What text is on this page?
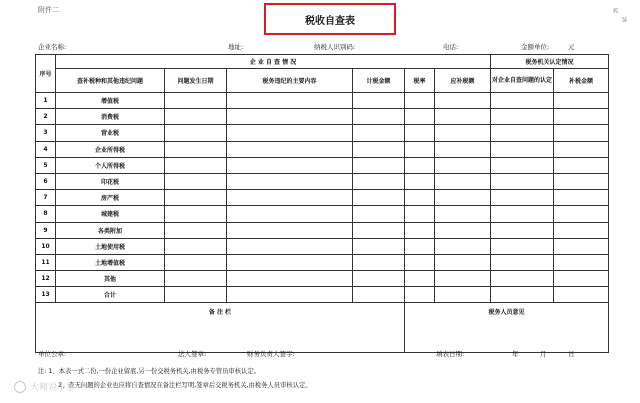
附件二
税收自查表
企业名称:	地址:	纳税人识别码:	电话:	金额单位:	元
序号	企 业 自 查 情 况						税务机关认定情况	
	查补税种和其他违纪问题	问题发生日期	税务违纪的主要内容	计税金额	税率	应补税额	对企业自查问题的认定	补税金额
1	增值税							
2	消费税							
3	营业税							
4	企业所得税							
5	个人所得税							
6	印花税							
7	房产税							
8	城建税							
9	各类附加							
10	土地使用税							
11	土地增值税							
12	其他							
13	合计							
备 注 栏					税务人员意见			
单位公章:	法人签章:	财务负责人签字:	填表日期:	年	月	日
注: 1、本表一式二份,一份企业留底,另一份交税务机关,由税务专管员审核认定。
2、查无问题的企业也应将自查情况在备注栏写明,签章后交税务机关,由税务人员审核认定。
大师说小事
